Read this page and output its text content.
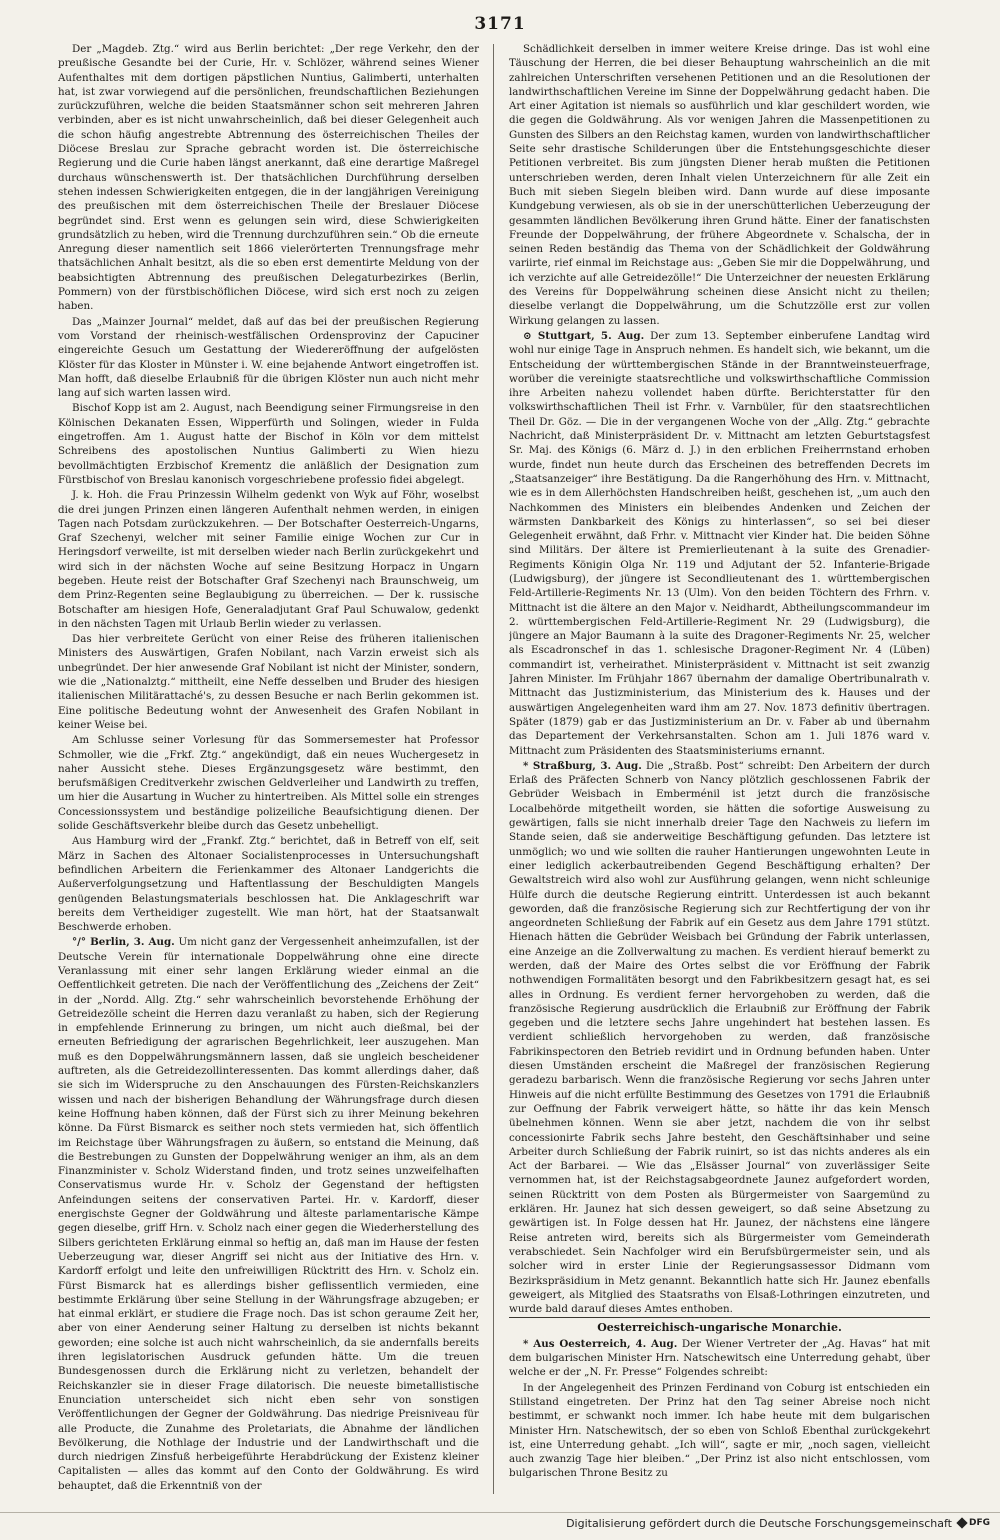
3171

Der „Magdeb. Ztg.“ wird aus Berlin berichtet: „Der rege Verkehr, den der preußische Gesandte bei der Curie, Hr. v. Schlözer, während seines Wiener Aufenthaltes mit dem dortigen päpstlichen Nuntius, Galimberti, unterhalten hat, ist zwar vorwiegend auf die persönlichen, freundschaftlichen Beziehungen zurückzuführen, welche die beiden Staatsmänner schon seit mehreren Jahren verbinden, aber es ist nicht unwahrscheinlich, daß bei dieser Gelegenheit auch die schon häufig angestrebte Abtrennung des österreichischen Theiles der Diöcese Breslau zur Sprache gebracht worden ist. Die österreichische Regierung und die Curie haben längst anerkannt, daß eine derartige Maßregel durchaus wünschenswerth ist. Der thatsächlichen Durchführung derselben stehen indessen Schwierigkeiten entgegen, die in der langjährigen Vereinigung des preußischen mit dem österreichischen Theile der Breslauer Diöcese begründet sind. Erst wenn es gelungen sein wird, diese Schwierigkeiten grundsätzlich zu heben, wird die Trennung durchzuführen sein.“ Ob die erneute Anregung dieser namentlich seit 1866 vielerörterten Trennungsfrage mehr thatsächlichen Anhalt besitzt, als die so eben erst dementirte Meldung von der beabsichtigten Abtrennung des preußischen Delegaturbezirkes (Berlin, Pommern) von der fürstbischöflichen Diöcese, wird sich erst noch zu zeigen haben.

Das „Mainzer Journal“ meldet, daß auf das bei der preußischen Regierung vom Vorstand der rheinisch-westfälischen Ordensprovinz der Capuciner eingereichte Gesuch um Gestattung der Wiedereröffnung der aufgelösten Klöster für das Kloster in Münster i. W. eine bejahende Antwort eingetroffen ist. Man hofft, daß dieselbe Erlaubniß für die übrigen Klöster nun auch nicht mehr lang auf sich warten lassen wird.

Bischof Kopp ist am 2. August, nach Beendigung seiner Firmungsreise in den Kölnischen Dekanaten Essen, Wipperfürth und Solingen, wieder in Fulda eingetroffen. Am 1. August hatte der Bischof in Köln vor dem mittelst Schreibens des apostolischen Nuntius Galimberti zu Wien hiezu bevollmächtigten Erzbischof Krementz die anläßlich der Designation zum Fürstbischof von Breslau kanonisch vorgeschriebene professio fidei abgelegt.

J. k. Hoh. die Frau Prinzessin Wilhelm gedenkt von Wyk auf Föhr, woselbst die drei jungen Prinzen einen längeren Aufenthalt nehmen werden, in einigen Tagen nach Potsdam zurückzukehren. — Der Botschafter Oesterreich-Ungarns, Graf Szechenyi, welcher mit seiner Familie einige Wochen zur Cur in Heringsdorf verweilte, ist mit derselben wieder nach Berlin zurückgekehrt und wird sich in der nächsten Woche auf seine Besitzung Horpacz in Ungarn begeben. Heute reist der Botschafter Graf Szechenyi nach Braunschweig, um dem Prinz-Regenten seine Beglaubigung zu überreichen. — Der k. russische Botschafter am hiesigen Hofe, Generaladjutant Graf Paul Schuwalow, gedenkt in den nächsten Tagen mit Urlaub Berlin wieder zu verlassen.

Das hier verbreitete Gerücht von einer Reise des früheren italienischen Ministers des Auswärtigen, Grafen Nobilant, nach Varzin erweist sich als unbegründet. Der hier anwesende Graf Nobilant ist nicht der Minister, sondern, wie die „Nationalztg.“ mittheilt, eine Neffe desselben und Bruder des hiesigen italienischen Militärattaché's, zu dessen Besuche er nach Berlin gekommen ist. Eine politische Bedeutung wohnt der Anwesenheit des Grafen Nobilant in keiner Weise bei.

Am Schlusse seiner Vorlesung für das Sommersemester hat Professor Schmoller, wie die „Frkf. Ztg.“ angekündigt, daß ein neues Wuchergesetz in naher Aussicht stehe. Dieses Ergänzungsgesetz wäre bestimmt, den berufsmäßigen Creditverkehr zwischen Geldverleiher und Landwirth zu treffen, um hier die Ausartung in Wucher zu hintertreiben. Als Mittel solle ein strenges Concessionssystem und beständige polizeiliche Beaufsichtigung dienen. Der solide Geschäftsverkehr bleibe durch das Gesetz unbehelligt.

Aus Hamburg wird der „Frankf. Ztg.“ berichtet, daß in Betreff von elf, seit März in Sachen des Altonaer Socialistenprocesses in Untersuchungshaft befindlichen Arbeitern die Ferienkammer des Altonaer Landgerichts die Außerverfolgungsetzung und Haftentlassung der Beschuldigten Mangels genügenden Belastungsmaterials beschlossen hat. Die Anklageschrift war bereits dem Vertheidiger zugestellt. Wie man hört, hat der Staatsanwalt Beschwerde erhoben.

°/° Berlin, 3. Aug. Um nicht ganz der Vergessenheit anheimzufallen, ist der Deutsche Verein für internationale Doppelwährung ohne eine directe Veranlassung mit einer sehr langen Erklärung wieder einmal an die Oeffentlichkeit getreten. Die nach der Veröffentlichung des „Zeichens der Zeit“ in der „Nordd. Allg. Ztg.“ sehr wahrscheinlich bevorstehende Erhöhung der Getreidezölle scheint die Herren dazu veranlaßt zu haben, sich der Regierung in empfehlende Erinnerung zu bringen, um nicht auch dießmal, bei der erneuten Befriedigung der agrarischen Begehrlichkeit, leer auszugehen. Man muß es den Doppelwährungsmännern lassen, daß sie ungleich bescheidener auftreten, als die Getreidezollinteressenten. Das kommt allerdings daher, daß sie sich im Widerspruche zu den Anschauungen des Fürsten-Reichskanzlers wissen und nach der bisherigen Behandlung der Währungsfrage durch diesen keine Hoffnung haben können, daß der Fürst sich zu ihrer Meinung bekehren könne. Da Fürst Bismarck es seither noch stets vermieden hat, sich öffentlich im Reichstage über Währungsfragen zu äußern, so entstand die Meinung, daß die Bestrebungen zu Gunsten der Doppelwährung weniger an ihm, als an dem Finanzminister v. Scholz Widerstand finden, und trotz seines unzweifelhaften Conservatismus wurde Hr. v. Scholz der Gegenstand der heftigsten Anfeindungen seitens der conservativen Partei. Hr. v. Kardorff, dieser energischste Gegner der Goldwährung und älteste parlamentarische Kämpe gegen dieselbe, griff Hrn. v. Scholz nach einer gegen die Wiederherstellung des Silbers gerichteten Erklärung einmal so heftig an, daß man im Hause der festen Ueberzeugung war, dieser Angriff sei nicht aus der Initiative des Hrn. v. Kardorff erfolgt und leite den unfreiwilligen Rücktritt des Hrn. v. Scholz ein. Fürst Bismarck hat es allerdings bisher geflissentlich vermieden, eine bestimmte Erklärung über seine Stellung in der Währungsfrage abzugeben; er hat einmal erklärt, er studiere die Frage noch. Das ist schon geraume Zeit her, aber von einer Aenderung seiner Haltung zu derselben ist nichts bekannt geworden; eine solche ist auch nicht wahrscheinlich, da sie andernfalls bereits ihren legislatorischen Ausdruck gefunden hätte. Um die treuen Bundesgenossen durch die Erklärung nicht zu verletzen, behandelt der Reichskanzler sie in dieser Frage dilatorisch. Die neueste bimetallistische Enunciation unterscheidet sich nicht eben sehr von sonstigen Veröffentlichungen der Gegner der Goldwährung. Das niedrige Preisniveau für alle Producte, die Zunahme des Proletariats, die Abnahme der ländlichen Bevölkerung, die Nothlage der Industrie und der Landwirthschaft und die durch niedrigen Zinsfuß herbeigeführte Herabdrückung der Existenz kleiner Capitalisten — alles das kommt auf den Conto der Goldwährung. Es wird behauptet, daß die Erkenntniß von der

Schädlichkeit derselben in immer weitere Kreise dringe. Das ist wohl eine Täuschung der Herren, die bei dieser Behauptung wahrscheinlich an die mit zahlreichen Unterschriften versehenen Petitionen und an die Resolutionen der landwirthschaftlichen Vereine im Sinne der Doppelwährung gedacht haben. Die Art einer Agitation ist niemals so ausführlich und klar geschildert worden, wie die gegen die Goldwährung. Als vor wenigen Jahren die Massenpetitionen zu Gunsten des Silbers an den Reichstag kamen, wurden von landwirthschaftlicher Seite sehr drastische Schilderungen über die Entstehungsgeschichte dieser Petitionen verbreitet. Bis zum jüngsten Diener herab mußten die Petitionen unterschrieben werden, deren Inhalt vielen Unterzeichnern für alle Zeit ein Buch mit sieben Siegeln bleiben wird. Dann wurde auf diese imposante Kundgebung verwiesen, als ob sie in der unerschütterlichen Ueberzeugung der gesammten ländlichen Bevölkerung ihren Grund hätte. Einer der fanatischsten Freunde der Doppelwährung, der frühere Abgeordnete v. Schalscha, der in seinen Reden beständig das Thema von der Schädlichkeit der Goldwährung variirte, rief einmal im Reichstage aus: „Geben Sie mir die Doppelwährung, und ich verzichte auf alle Getreidezölle!“ Die Unterzeichner der neuesten Erklärung des Vereins für Doppelwährung scheinen diese Ansicht nicht zu theilen; dieselbe verlangt die Doppelwährung, um die Schutzzölle erst zur vollen Wirkung gelangen zu lassen.

⊙ Stuttgart, 5. Aug. Der zum 13. September einberufene Landtag wird wohl nur einige Tage in Anspruch nehmen. Es handelt sich, wie bekannt, um die Entscheidung der württembergischen Stände in der Branntweinsteuerfrage, worüber die vereinigte staatsrechtliche und volkswirthschaftliche Commission ihre Arbeiten nahezu vollendet haben dürfte. Berichterstatter für den volkswirthschaftlichen Theil ist Frhr. v. Varnbüler, für den staatsrechtlichen Theil Dr. Göz. — Die in der vergangenen Woche von der „Allg. Ztg.“ gebrachte Nachricht, daß Ministerpräsident Dr. v. Mittnacht am letzten Geburtstagsfest Sr. Maj. des Königs (6. März d. J.) in den erblichen Freiherrnstand erhoben wurde, findet nun heute durch das Erscheinen des betreffenden Decrets im „Staatsanzeiger“ ihre Bestätigung. Da die Rangerhöhung des Hrn. v. Mittnacht, wie es in dem Allerhöchsten Handschreiben heißt, geschehen ist, „um auch den Nachkommen des Ministers ein bleibendes Andenken und Zeichen der wärmsten Dankbarkeit des Königs zu hinterlassen“, so sei bei dieser Gelegenheit erwähnt, daß Frhr. v. Mittnacht vier Kinder hat. Die beiden Söhne sind Militärs. Der ältere ist Premierlieutenant à la suite des Grenadier-Regiments Königin Olga Nr. 119 und Adjutant der 52. Infanterie-Brigade (Ludwigsburg), der jüngere ist Secondlieutenant des 1. württembergischen Feld-Artillerie-Regiments Nr. 13 (Ulm). Von den beiden Töchtern des Frhrn. v. Mittnacht ist die ältere an den Major v. Neidhardt, Abtheilungscommandeur im 2. württembergischen Feld-Artillerie-Regiment Nr. 29 (Ludwigsburg), die jüngere an Major Baumann à la suite des Dragoner-Regiments Nr. 25, welcher als Escadronschef in das 1. schlesische Dragoner-Regiment Nr. 4 (Lüben) commandirt ist, verheirathet. Ministerpräsident v. Mittnacht ist seit zwanzig Jahren Minister. Im Frühjahr 1867 übernahm der damalige Obertribunalrath v. Mittnacht das Justizministerium, das Ministerium des k. Hauses und der auswärtigen Angelegenheiten ward ihm am 27. Nov. 1873 definitiv übertragen. Später (1879) gab er das Justizministerium an Dr. v. Faber ab und übernahm das Departement der Verkehrsanstalten. Schon am 1. Juli 1876 ward v. Mittnacht zum Präsidenten des Staatsministeriums ernannt.

* Straßburg, 3. Aug. Die „Straßb. Post“ schreibt: Den Arbeitern der durch Erlaß des Präfecten Schnerb von Nancy plötzlich geschlossenen Fabrik der Gebrüder Weisbach in Emberménil ist jetzt durch die französische Localbehörde mitgetheilt worden, sie hätten die sofortige Ausweisung zu gewärtigen, falls sie nicht innerhalb dreier Tage den Nachweis zu liefern im Stande seien, daß sie anderweitige Beschäftigung gefunden. Das letztere ist unmöglich; wo und wie sollten die rauher Hantierungen ungewohnten Leute in einer lediglich ackerbautreibenden Gegend Beschäftigung erhalten? Der Gewaltstreich wird also wohl zur Ausführung gelangen, wenn nicht schleunige Hülfe durch die deutsche Regierung eintritt. Unterdessen ist auch bekannt geworden, daß die französische Regierung sich zur Rechtfertigung der von ihr angeordneten Schließung der Fabrik auf ein Gesetz aus dem Jahre 1791 stützt. Hienach hätten die Gebrüder Weisbach bei Gründung der Fabrik unterlassen, eine Anzeige an die Zollverwaltung zu machen. Es verdient hierauf bemerkt zu werden, daß der Maire des Ortes selbst die vor Eröffnung der Fabrik nothwendigen Formalitäten besorgt und den Fabrikbesitzern gesagt hat, es sei alles in Ordnung. Es verdient ferner hervorgehoben zu werden, daß die französische Regierung ausdrücklich die Erlaubniß zur Eröffnung der Fabrik gegeben und die letztere sechs Jahre ungehindert hat bestehen lassen. Es verdient schließlich hervorgehoben zu werden, daß französische Fabrikinspectoren den Betrieb revidirt und in Ordnung befunden haben. Unter diesen Umständen erscheint die Maßregel der französischen Regierung geradezu barbarisch. Wenn die französische Regierung vor sechs Jahren unter Hinweis auf die nicht erfüllte Bestimmung des Gesetzes von 1791 die Erlaubniß zur Oeffnung der Fabrik verweigert hätte, so hätte ihr das kein Mensch übelnehmen können. Wenn sie aber jetzt, nachdem die von ihr selbst concessionirte Fabrik sechs Jahre besteht, den Geschäftsinhaber und seine Arbeiter durch Schließung der Fabrik ruinirt, so ist das nichts anderes als ein Act der Barbarei. — Wie das „Elsässer Journal“ von zuverlässiger Seite vernommen hat, ist der Reichstagsabgeordnete Jaunez aufgefordert worden, seinen Rücktritt von dem Posten als Bürgermeister von Saargemünd zu erklären. Hr. Jaunez hat sich dessen geweigert, so daß seine Absetzung zu gewärtigen ist. In Folge dessen hat Hr. Jaunez, der nächstens eine längere Reise antreten wird, bereits sich als Bürgermeister vom Gemeinderath verabschiedet. Sein Nachfolger wird ein Berufsbürgermeister sein, und als solcher wird in erster Linie der Regierungsassessor Didmann vom Bezirkspräsidium in Metz genannt. Bekanntlich hatte sich Hr. Jaunez ebenfalls geweigert, als Mitglied des Staatsraths von Elsaß-Lothringen einzutreten, und wurde bald darauf dieses Amtes enthoben.

Oesterreichisch-ungarische Monarchie.

* Aus Oesterreich, 4. Aug. Der Wiener Vertreter der „Ag. Havas“ hat mit dem bulgarischen Minister Hrn. Natschewitsch eine Unterredung gehabt, über welche er der „N. Fr. Presse“ Folgendes schreibt:

In der Angelegenheit des Prinzen Ferdinand von Coburg ist entschieden ein Stillstand eingetreten. Der Prinz hat den Tag seiner Abreise noch nicht bestimmt, er schwankt noch immer. Ich habe heute mit dem bulgarischen Minister Hrn. Natschewitsch, der so eben von Schloß Ebenthal zurückgekehrt ist, eine Unterredung gehabt. „Ich will“, sagte er mir, „noch sagen, vielleicht auch zwanzig Tage hier bleiben.“ „Der Prinz ist also nicht entschlossen, vom bulgarischen Throne Besitz zu

Digitalisierung gefördert durch die Deutsche Forschungsgemeinschaft	DFG
